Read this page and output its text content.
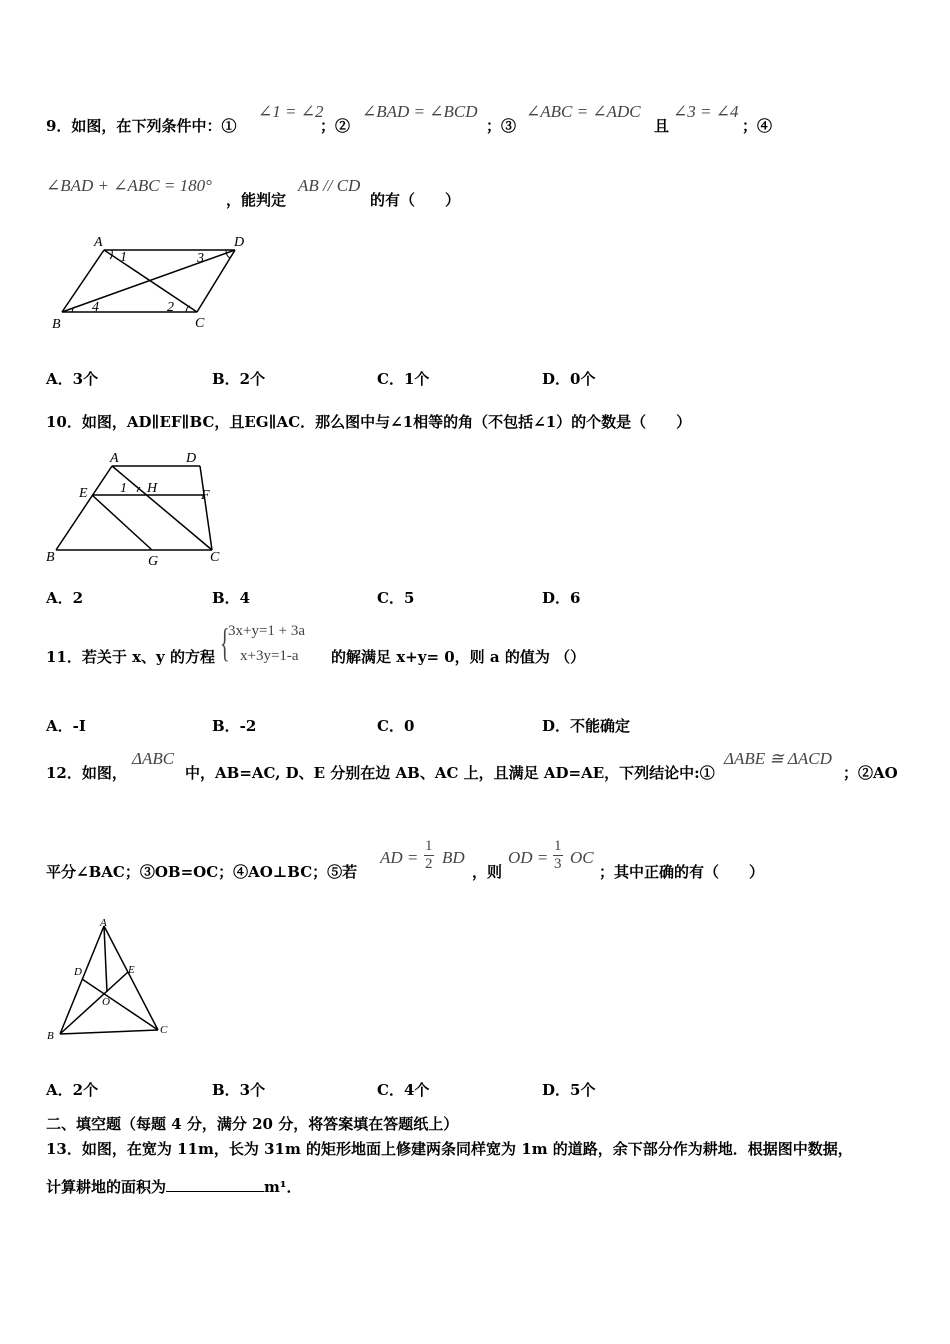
9．如图，在下列条件中：①
∠1 = ∠2
；②
∠BAD = ∠BCD
；③
∠ABC = ∠ADC
且
∠3 = ∠4
；④
∠BAD + ∠ABC = 180°
，能判定
AB // CD
的有（　　）
A	D
B	C
1	3
4	2
A．3个	B．2个	C．1个	D．0个
10．如图，AD∥EF∥BC，且EG∥AC．那么图中与∠1相等的角（不包括∠1）的个数是（　　）
A	D
E	H	F
B	G	C
1
A．2	B．4	C．5	D．6
11．若关于 x、y 的方程 {
3x+y=1 + 3a
x+3y=1-a 的解满足 x+y= 0，则 a 的值为 （）
A．-I	B．-2	C．0	D．不能确定
12．如图，
ΔABC
中，AB=AC, D、E 分别在边 AB、AC 上，且满足 AD=AE，下列结论中:①
ΔABE ≅ ΔACD
；②AO
平分∠BAC；③OB=OC；④AO⊥BC；⑤若
AD = $\frac{1}{2}$ BD
，则
OD = $\frac{1}{3}$ OC
；其中正确的有（　　）
A
D	E
O
B	C
A．2个	B．3个	C．4个	D．5个
二、填空题（每题 4 分，满分 20 分，将答案填在答题纸上）
13．如图，在宽为 11m，长为 31m 的矩形地面上修建两条同样宽为 1m 的道路，余下部分作为耕地．根据图中数据，
计算耕地的面积为	m¹．
